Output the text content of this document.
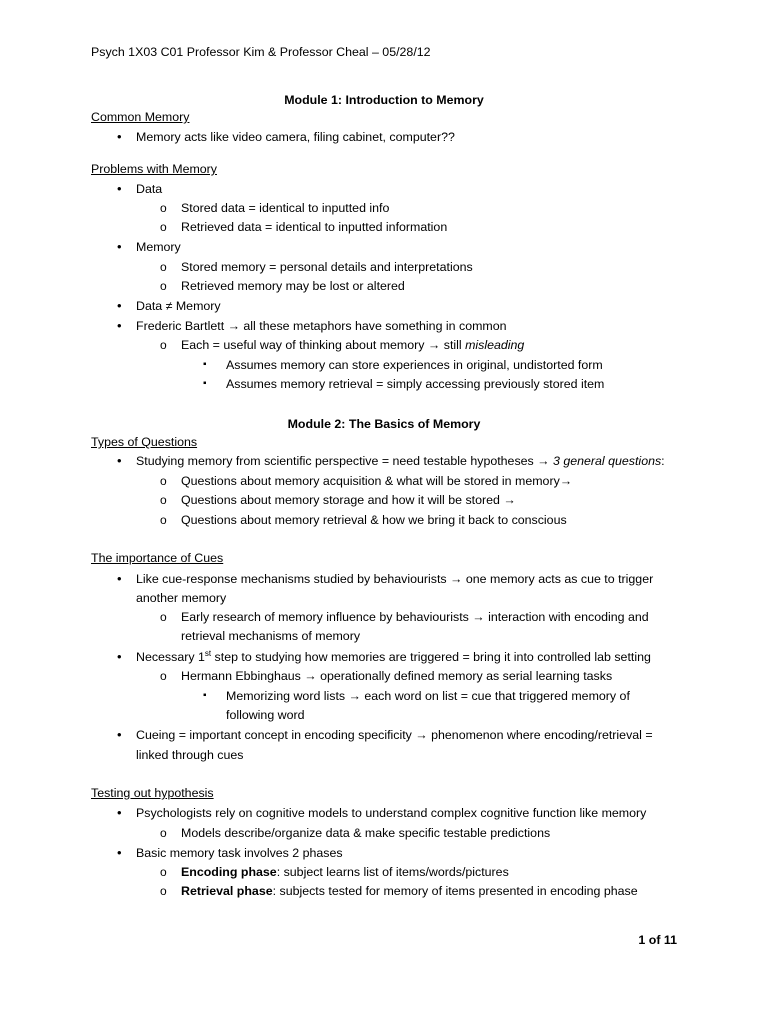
Psych 1X03 C01 Professor Kim & Professor Cheal – 05/28/12
Module 1: Introduction to Memory
Common Memory
• Memory acts like video camera, filing cabinet, computer??
Problems with Memory
• Data
o Stored data = identical to inputted info
o Retrieved data = identical to inputted information
• Memory
o Stored memory = personal details and interpretations
o Retrieved memory may be lost or altered
• Data ≠ Memory
• Frederic Bartlett → all these metaphors have something in common
o Each = useful way of thinking about memory → still misleading
▪ Assumes memory can store experiences in original, undistorted form
▪ Assumes memory retrieval = simply accessing previously stored item
Module 2: The Basics of Memory
Types of Questions
• Studying memory from scientific perspective = need testable hypotheses → 3 general questions:
o Questions about memory acquisition & what will be stored in memory→
o Questions about memory storage and how it will be stored →
o Questions about memory retrieval & how we bring it back to conscious
The importance of Cues
• Like cue-response mechanisms studied by behaviourists → one memory acts as cue to trigger
another memory
o Early research of memory influence by behaviourists → interaction with encoding and
retrieval mechanisms of memory
• Necessary 1st step to studying how memories are triggered = bring it into controlled lab setting
o Hermann Ebbinghaus → operationally defined memory as serial learning tasks
▪ Memorizing word lists → each word on list = cue that triggered memory of
following word
• Cueing = important concept in encoding specificity → phenomenon where encoding/retrieval =
linked through cues
Testing out hypothesis
• Psychologists rely on cognitive models to understand complex cognitive function like memory
o Models describe/organize data & make specific testable predictions
• Basic memory task involves 2 phases
o Encoding phase: subject learns list of items/words/pictures
o Retrieval phase: subjects tested for memory of items presented in encoding phase
1 of 11
